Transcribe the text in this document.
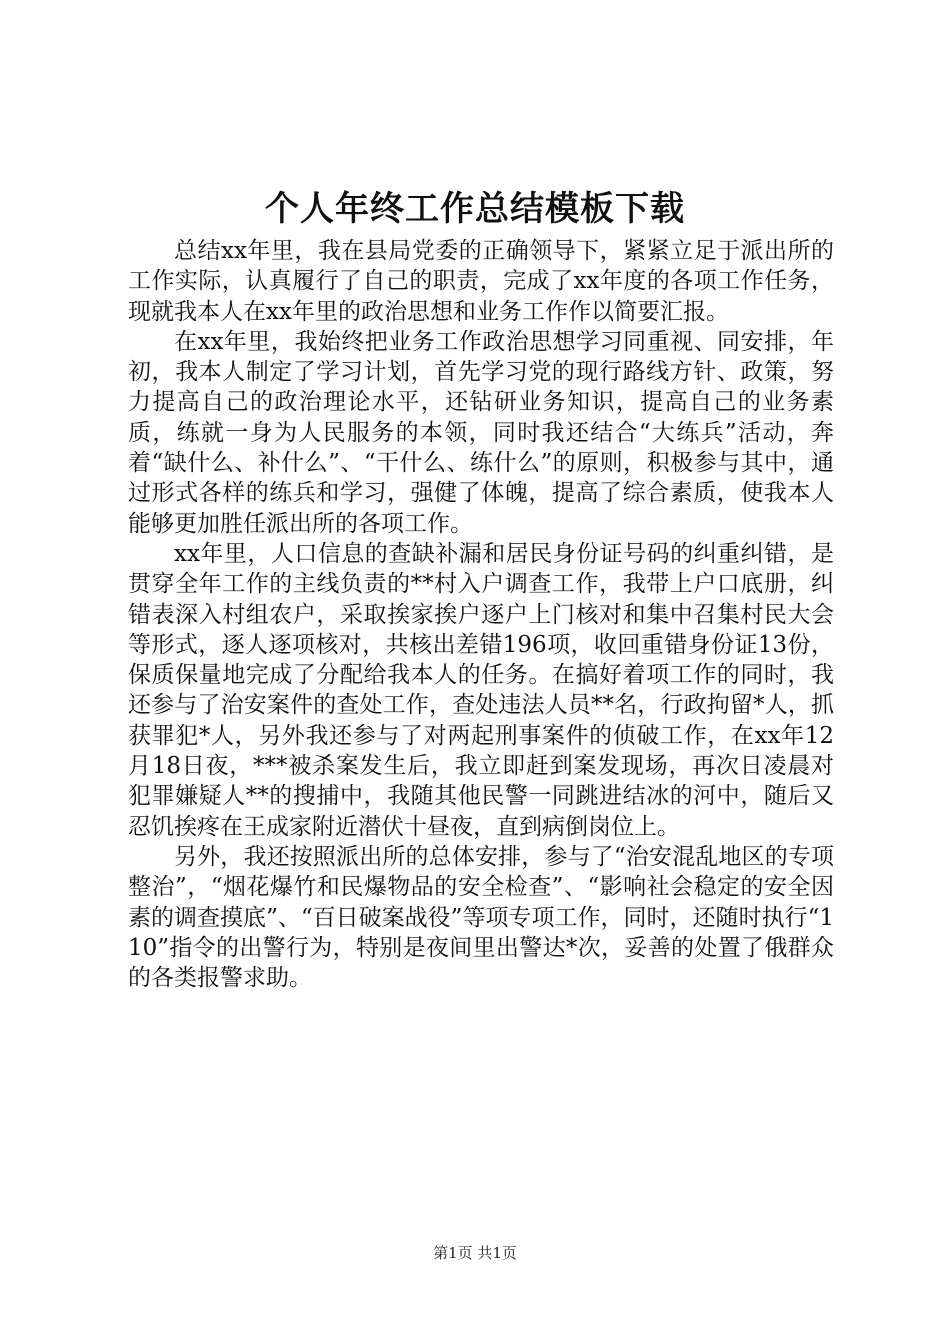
个人年终工作总结模板下载

总结xx年里，我在县局党委的正确领导下，紧紧立足于派出所的工作实际，认真履行了自己的职责，完成了xx年度的各项工作任务，现就我本人在xx年里的政治思想和业务工作作以简要汇报。

在xx年里，我始终把业务工作政治思想学习同重视、同安排，年初，我本人制定了学习计划，首先学习党的现行路线方针、政策，努力提高自己的政治理论水平，还钻研业务知识，提高自己的业务素质，练就一身为人民服务的本领，同时我还结合“大练兵”活动，奔着“缺什么、补什么”、“干什么、练什么”的原则，积极参与其中，通过形式各样的练兵和学习，强健了体魄，提高了综合素质，使我本人能够更加胜任派出所的各项工作。

xx年里，人口信息的查缺补漏和居民身份证号码的纠重纠错，是贯穿全年工作的主线负责的**村入户调查工作，我带上户口底册，纠错表深入村组农户，采取挨家挨户逐户上门核对和集中召集村民大会等形式，逐人逐项核对，共核出差错196项，收回重错身份证13份，保质保量地完成了分配给我本人的任务。在搞好着项工作的同时，我还参与了治安案件的查处工作，查处违法人员**名，行政拘留*人，抓获罪犯*人，另外我还参与了对两起刑事案件的侦破工作，在xx年12月18日夜，***被杀案发生后，我立即赶到案发现场，再次日凌晨对犯罪嫌疑人**的搜捕中，我随其他民警一同跳进结冰的河中，随后又忍饥挨疼在王成家附近潜伏十昼夜，直到病倒岗位上。

另外，我还按照派出所的总体安排，参与了“治安混乱地区的专项整治”，“烟花爆竹和民爆物品的安全检查”、“影响社会稳定的安全因素的调查摸底”、“百日破案战役”等项专项工作，同时，还随时执行“110”指令的出警行为，特别是夜间里出警达*次，妥善的处置了俄群众的各类报警求助。

第1页 共1页
